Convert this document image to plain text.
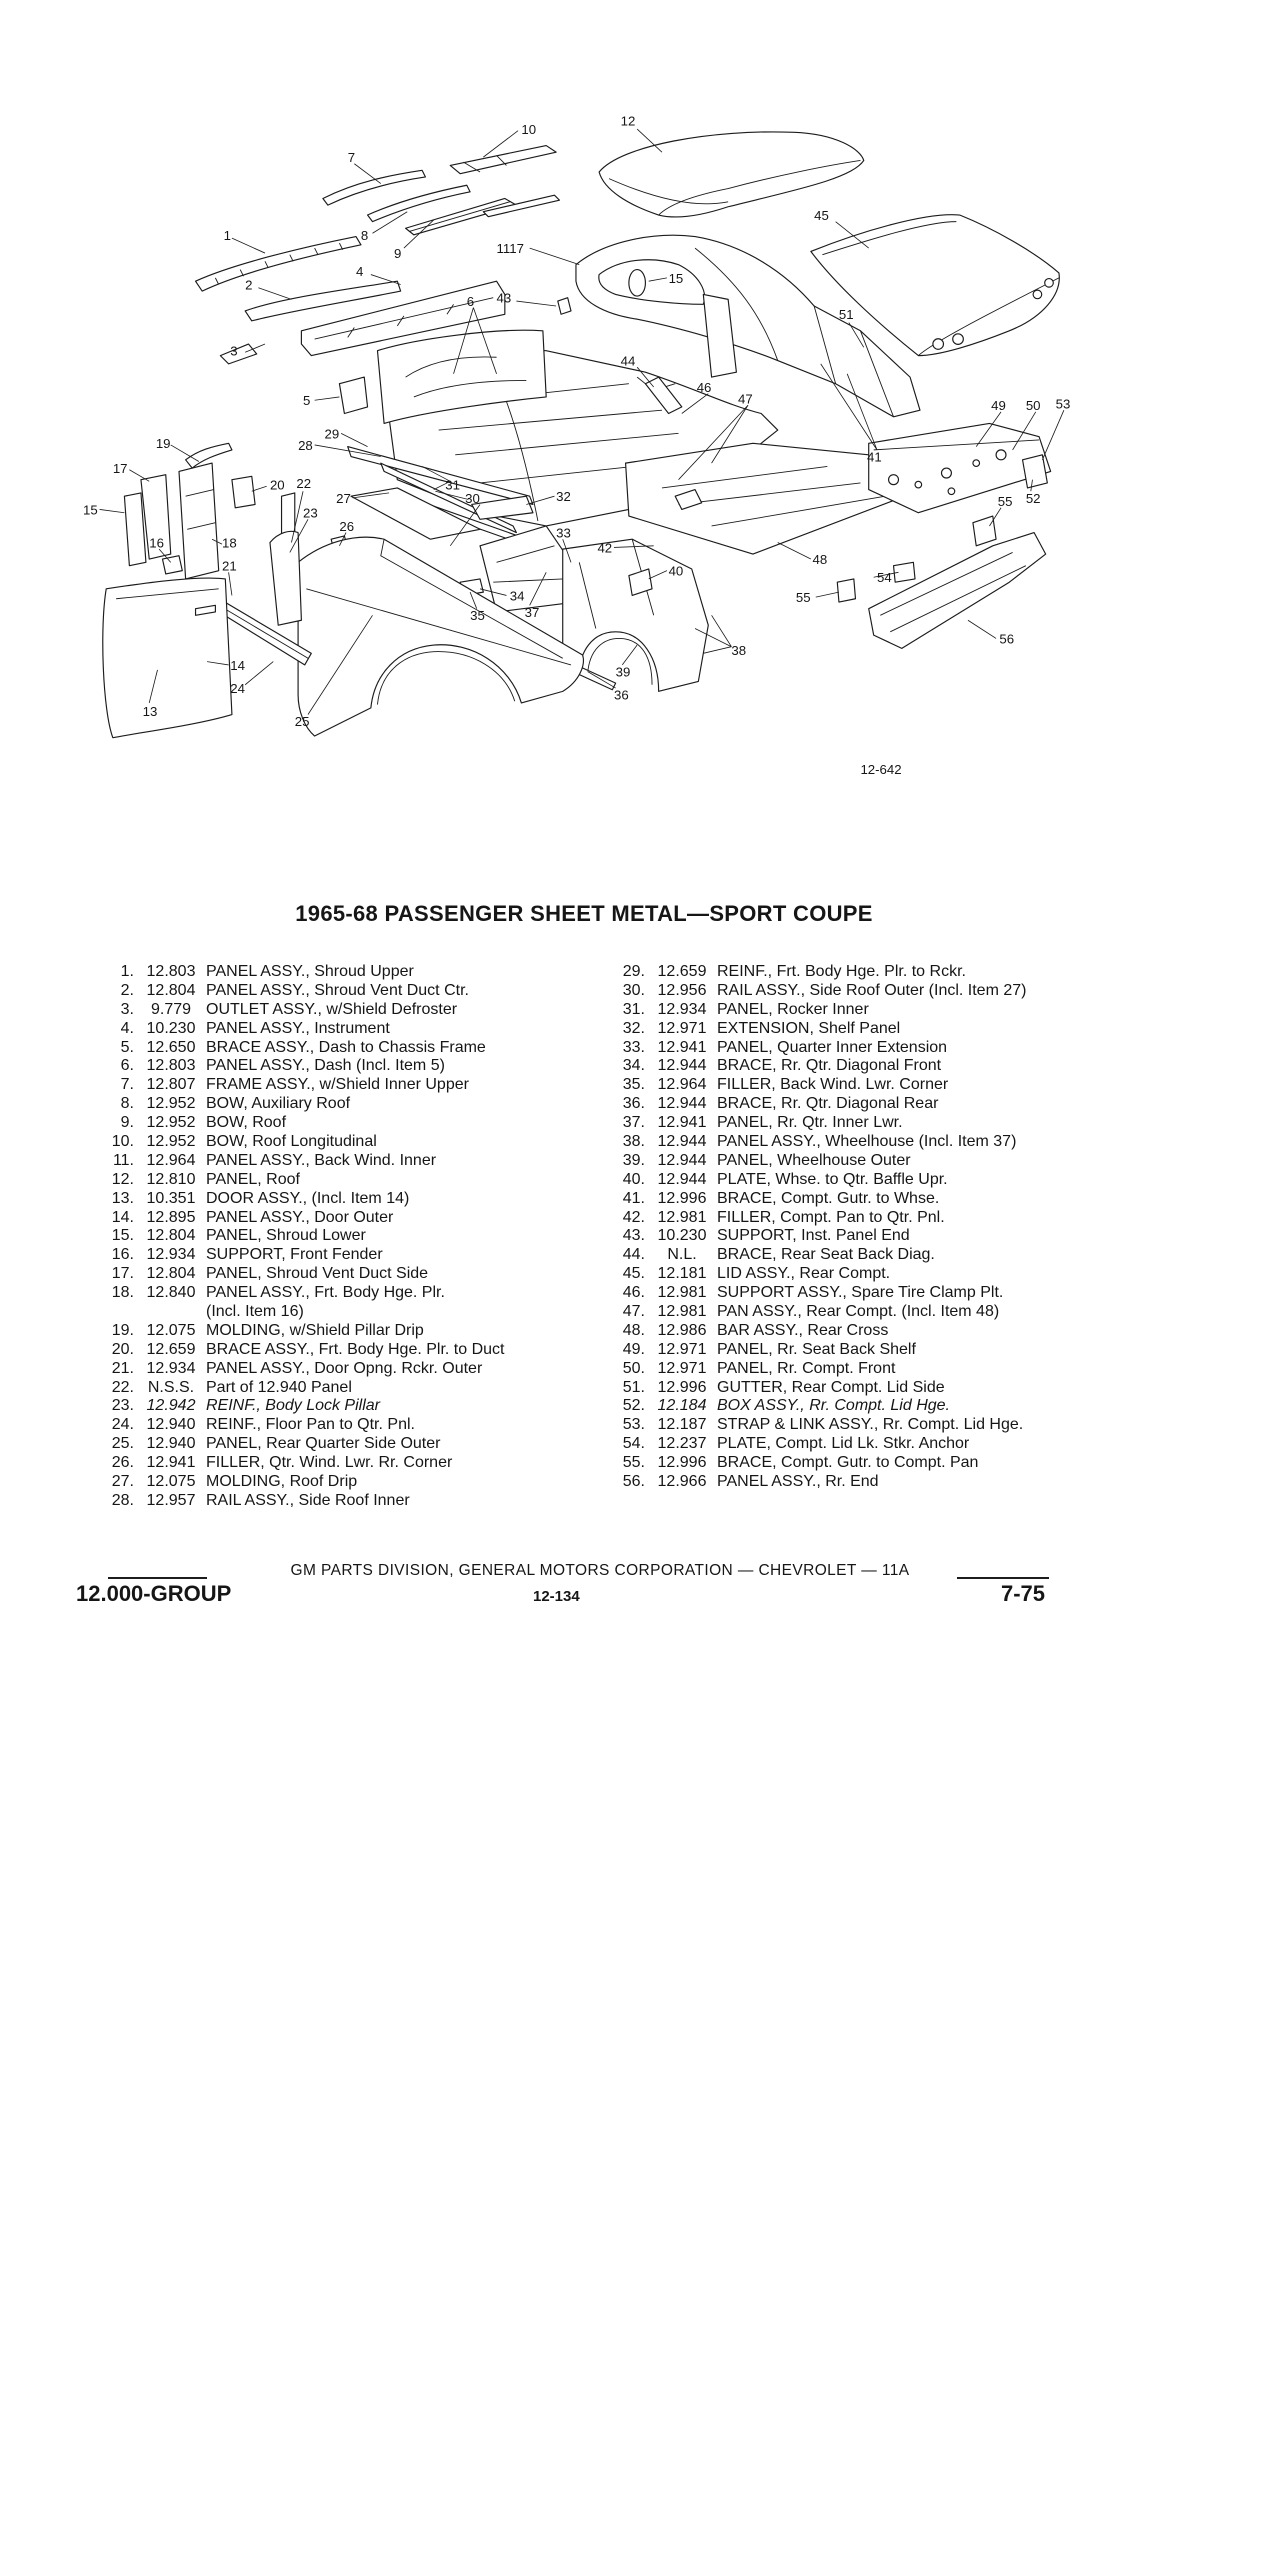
10
12
7
8
9
1
1117
45
15
2
4
6	43
51
3
44
46
47
5	49	50 53
29
28
19
41
17
20 22	31
30
27	32	52
15	23
55
26
16	18
33
42
48
21	40	54
34	55
35	37
38
14
24
56
39
13
25
36
12-642
1965-68 PASSENGER SHEET METAL—SPORT COUPE
1. 12.803 PANEL ASSY., Shroud Upper
2. 12.804 PANEL ASSY., Shroud Vent Duct Ctr.
3.	9.779 OUTLET ASSY., w/Shield Defroster
4. 10.230 PANEL ASSY., Instrument
5. 12.650 BRACE ASSY., Dash to Chassis Frame
6. 12.803 PANEL ASSY., Dash (Incl. Item 5)
7. 12.807 FRAME ASSY., w/Shield Inner Upper
8. 12.952 BOW, Auxiliary Roof
9. 12.952 BOW, Roof
10. 12.952 BOW, Roof Longitudinal
11. 12.964 PANEL ASSY., Back Wind. Inner
12. 12.810 PANEL, Roof
13. 10.351 DOOR ASSY., (Incl. Item 14)
14. 12.895 PANEL ASSY., Door Outer
15. 12.804 PANEL, Shroud Lower
16. 12.934 SUPPORT, Front Fender
17. 12.804 PANEL, Shroud Vent Duct Side
18. 12.840 PANEL ASSY., Frt. Body Hge. Plr.
(Incl. Item 16)
19. 12.075 MOLDING, w/Shield Pillar Drip
20. 12.659 BRACE ASSY., Frt. Body Hge. Plr. to Duct
21. 12.934 PANEL ASSY., Door Opng. Rckr. Outer
22. N.S.S. Part of 12.940 Panel
23. 12.942 REINF., Body Lock Pillar
24. 12.940 REINF., Floor Pan to Qtr. Pnl.
25. 12.940 PANEL, Rear Quarter Side Outer
26. 12.941 FILLER, Qtr. Wind. Lwr. Rr. Corner
27. 12.075 MOLDING, Roof Drip
28. 12.957 RAIL ASSY., Side Roof Inner
29. 12.659 REINF., Frt. Body Hge. Plr. to Rckr.
30. 12.956 RAIL ASSY., Side Roof Outer (Incl. Item 27)
31. 12.934 PANEL, Rocker Inner
32. 12.971 EXTENSION, Shelf Panel
33. 12.941 PANEL, Quarter Inner Extension
34. 12.944 BRACE, Rr. Qtr. Diagonal Front
35. 12.964 FILLER, Back Wind. Lwr. Corner
36. 12.944 BRACE, Rr. Qtr. Diagonal Rear
37. 12.941 PANEL, Rr. Qtr. Inner Lwr.
38. 12.944 PANEL ASSY., Wheelhouse (Incl. Item 37)
39. 12.944 PANEL, Wheelhouse Outer
40. 12.944 PLATE, Whse. to Qtr. Baffle Upr.
41. 12.996 BRACE, Compt. Gutr. to Whse.
42. 12.981 FILLER, Compt. Pan to Qtr. Pnl.
43. 10.230 SUPPORT, Inst. Panel End
44.	N.L.	BRACE, Rear Seat Back Diag.
45. 12.181 LID ASSY., Rear Compt.
46. 12.981 SUPPORT ASSY., Spare Tire Clamp Plt.
47. 12.981 PAN ASSY., Rear Compt. (Incl. Item 48)
48. 12.986 BAR ASSY., Rear Cross
49. 12.971 PANEL, Rr. Seat Back Shelf
50. 12.971 PANEL, Rr. Compt. Front
51. 12.996 GUTTER, Rear Compt. Lid Side
52. 12.184 BOX ASSY., Rr. Compt. Lid Hge.
53. 12.187 STRAP & LINK ASSY., Rr. Compt. Lid Hge.
54. 12.237 PLATE, Compt. Lid Lk. Stkr. Anchor
55. 12.996 BRACE, Compt. Gutr. to Compt. Pan
56. 12.966 PANEL ASSY., Rr. End
GM PARTS DIVISION, GENERAL MOTORS CORPORATION — CHEVROLET — 11A
12.000-GROUP	12-134	7-75
